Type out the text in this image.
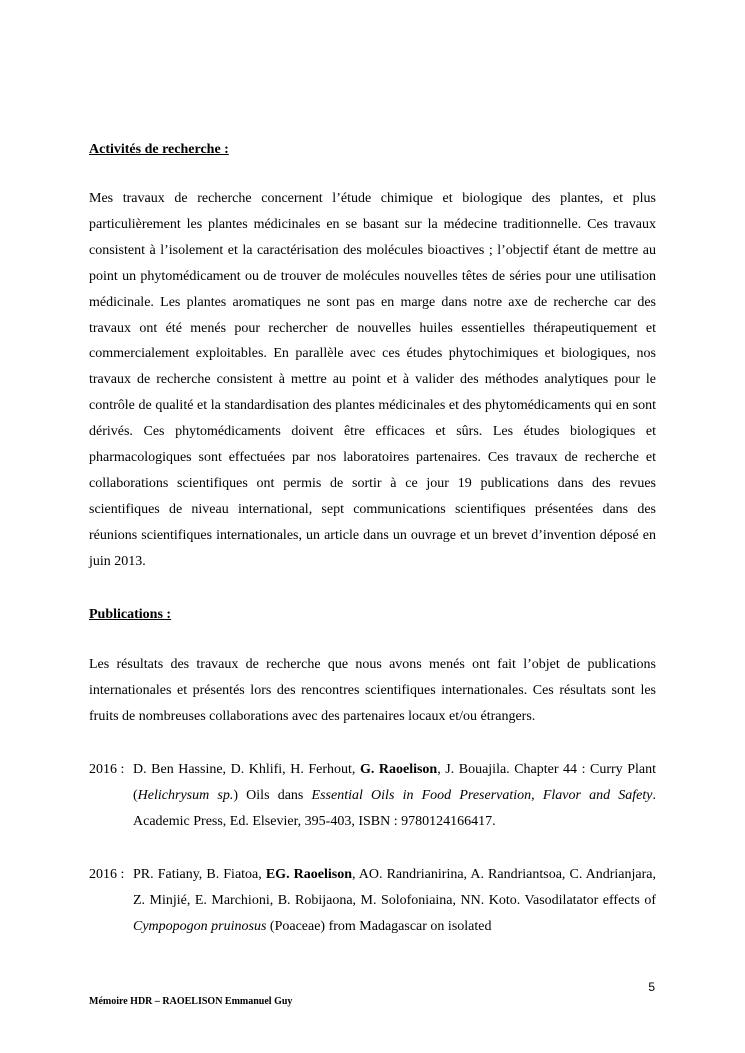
Activités de recherche :

Mes travaux de recherche concernent l’étude chimique et biologique des plantes, et plus particulièrement les plantes médicinales en se basant sur la médecine traditionnelle. Ces travaux consistent à l’isolement et la caractérisation des molécules bioactives ; l’objectif étant de mettre au point un phytomédicament ou de trouver de molécules nouvelles têtes de séries pour une utilisation médicinale. Les plantes aromatiques ne sont pas en marge dans notre axe de recherche car des travaux ont été menés pour rechercher de nouvelles huiles essentielles thérapeutiquement et commercialement exploitables. En parallèle avec ces études phytochimiques et biologiques, nos travaux de recherche consistent à mettre au point et à valider des méthodes analytiques pour le contrôle de qualité et la standardisation des plantes médicinales et des phytomédicaments qui en sont dérivés. Ces phytomédicaments doivent être efficaces et sûrs. Les études biologiques et pharmacologiques sont effectuées par nos laboratoires partenaires. Ces travaux de recherche et collaborations scientifiques ont permis de sortir à ce jour 19 publications dans des revues scientifiques de niveau international, sept communications scientifiques présentées dans des réunions scientifiques internationales, un article dans un ouvrage et un brevet d’invention déposé en juin 2013.

Publications :

Les résultats des travaux de recherche que nous avons menés ont fait l’objet de publications internationales et présentés lors des rencontres scientifiques internationales. Ces résultats sont les fruits de nombreuses collaborations avec des partenaires locaux et/ou étrangers.

2016 : D. Ben Hassine, D. Khlifi, H. Ferhout, G. Raoelison, J. Bouajila. Chapter 44 : Curry Plant (Helichrysum sp.) Oils dans Essential Oils in Food Preservation, Flavor and Safety. Academic Press, Ed. Elsevier, 395-403, ISBN : 9780124166417.
2016 : PR. Fatiany, B. Fiatoa, EG. Raoelison, AO. Randrianirina, A. Randriantsoa, C. Andrianjara, Z. Minjié, E. Marchioni, B. Robijaona, M. Solofoniaina, NN. Koto. Vasodilatator effects of Cympopogon pruinosus (Poaceae) from Madagascar on isolated
5
Mémoire HDR – RAOELISON Emmanuel Guy
